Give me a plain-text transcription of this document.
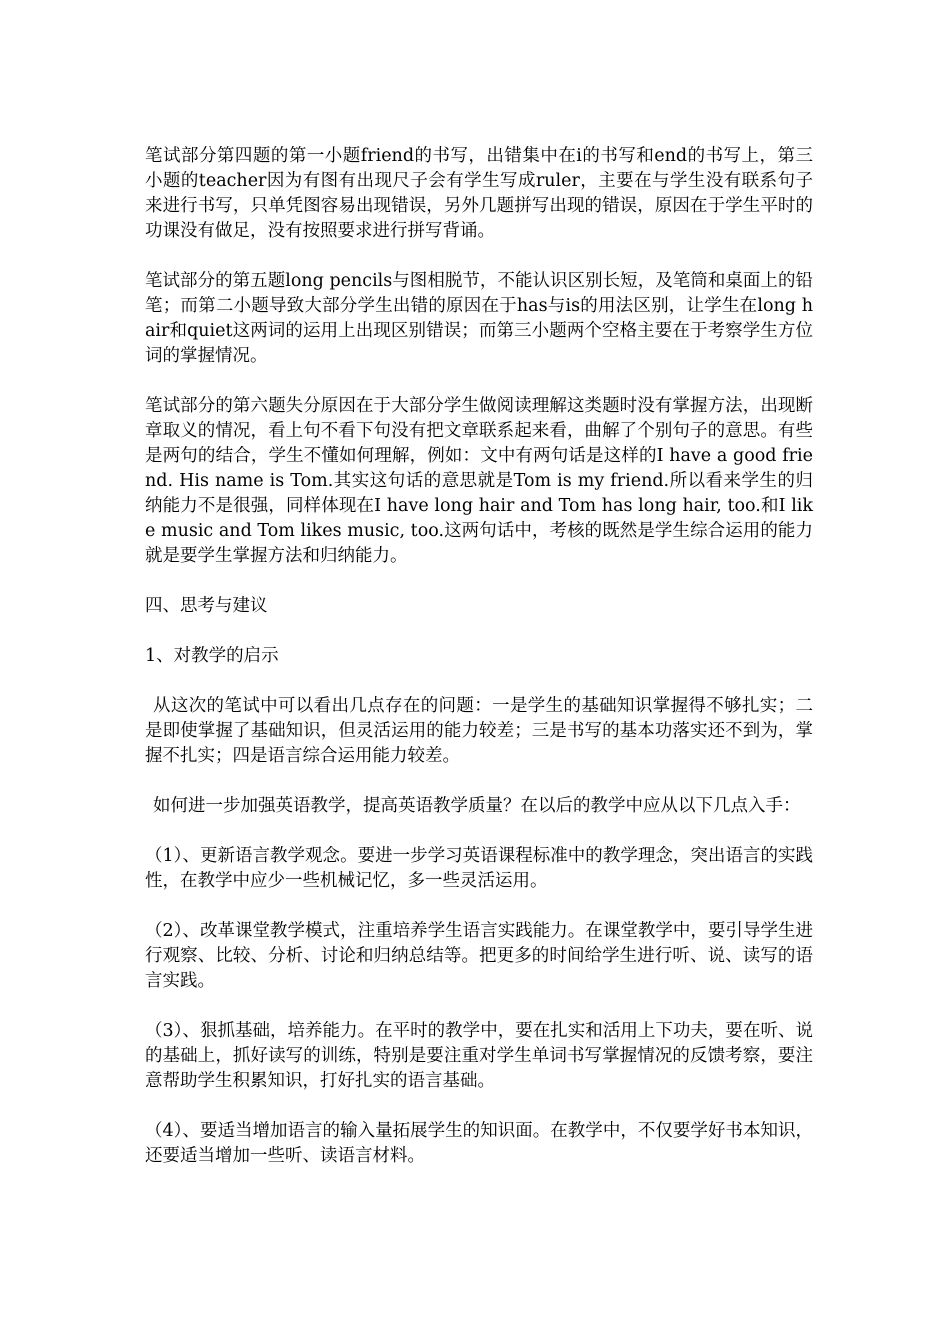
笔试部分第四题的第一小题friend的书写，出错集中在i的书写和end的书写上，第三小题的teacher因为有图有出现尺子会有学生写成ruler，主要在与学生没有联系句子来进行书写，只单凭图容易出现错误，另外几题拼写出现的错误，原因在于学生平时的功课没有做足，没有按照要求进行拼写背诵。

笔试部分的第五题long pencils与图相脱节，不能认识区别长短，及笔筒和桌面上的铅笔；而第二小题导致大部分学生出错的原因在于has与is的用法区别，让学生在long hair和quiet这两词的运用上出现区别错误；而第三小题两个空格主要在于考察学生方位词的掌握情况。

笔试部分的第六题失分原因在于大部分学生做阅读理解这类题时没有掌握方法，出现断章取义的情况，看上句不看下句没有把文章联系起来看，曲解了个别句子的意思。有些是两句的结合，学生不懂如何理解，例如：文中有两句话是这样的I have a good friend. His name is Tom.其实这句话的意思就是Tom is my friend.所以看来学生的归纳能力不是很强，同样体现在I have long hair and Tom has long hair, too.和I like music and Tom likes music, too.这两句话中，考核的既然是学生综合运用的能力就是要学生掌握方法和归纳能力。

四、思考与建议

1、对教学的启示

从这次的笔试中可以看出几点存在的问题：一是学生的基础知识掌握得不够扎实；二是即使掌握了基础知识，但灵活运用的能力较差；三是书写的基本功落实还不到为，掌握不扎实；四是语言综合运用能力较差。

如何进一步加强英语教学，提高英语教学质量？在以后的教学中应从以下几点入手：

（1）、更新语言教学观念。要进一步学习英语课程标准中的教学理念，突出语言的实践性，在教学中应少一些机械记忆，多一些灵活运用。

（2）、改革课堂教学模式，注重培养学生语言实践能力。在课堂教学中，要引导学生进行观察、比较、分析、讨论和归纳总结等。把更多的时间给学生进行听、说、读写的语言实践。

（3）、狠抓基础，培养能力。在平时的教学中，要在扎实和活用上下功夫，要在听、说的基础上，抓好读写的训练，特别是要注重对学生单词书写掌握情况的反馈考察，要注意帮助学生积累知识，打好扎实的语言基础。

（4）、要适当增加语言的输入量拓展学生的知识面。在教学中，不仅要学好书本知识，还要适当增加一些听、读语言材料。
